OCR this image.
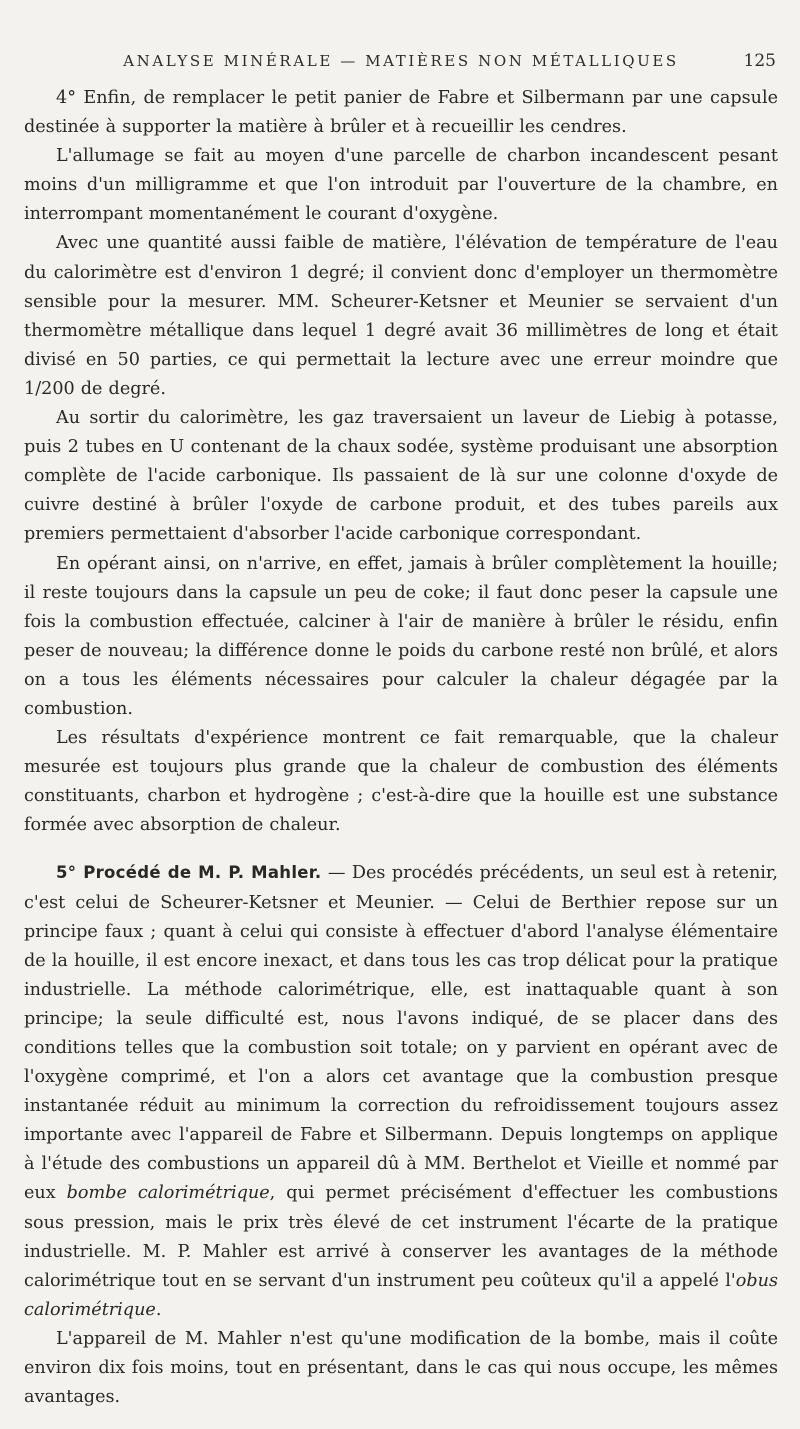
ANALYSE MINÉRALE — MATIÈRES NON MÉTALLIQUES	125

4° Enfin, de remplacer le petit panier de Fabre et Silbermann par une capsule destinée à supporter la matière à brûler et à recueillir les cendres.

L'allumage se fait au moyen d'une parcelle de charbon incandescent pesant moins d'un milligramme et que l'on introduit par l'ouverture de la chambre, en interrompant momentanément le courant d'oxygène.

Avec une quantité aussi faible de matière, l'élévation de température de l'eau du calorimètre est d'environ 1 degré; il convient donc d'employer un thermomètre sensible pour la mesurer. MM. Scheurer-Ketsner et Meunier se servaient d'un thermomètre métallique dans lequel 1 degré avait 36 millimètres de long et était divisé en 50 parties, ce qui permettait la lecture avec une erreur moindre que 1/200 de degré.

Au sortir du calorimètre, les gaz traversaient un laveur de Liebig à potasse, puis 2 tubes en U contenant de la chaux sodée, système produisant une absorption complète de l'acide carbonique. Ils passaient de là sur une colonne d'oxyde de cuivre destiné à brûler l'oxyde de carbone produit, et des tubes pareils aux premiers permettaient d'absorber l'acide carbonique correspondant.

En opérant ainsi, on n'arrive, en effet, jamais à brûler complètement la houille; il reste toujours dans la capsule un peu de coke; il faut donc peser la capsule une fois la combustion effectuée, calciner à l'air de manière à brûler le résidu, enfin peser de nouveau; la différence donne le poids du carbone resté non brûlé, et alors on a tous les éléments nécessaires pour calculer la chaleur dégagée par la combustion.

Les résultats d'expérience montrent ce fait remarquable, que la chaleur mesurée est toujours plus grande que la chaleur de combustion des éléments constituants, charbon et hydrogène ; c'est-à-dire que la houille est une substance formée avec absorption de chaleur.

5° Procédé de M. P. Mahler. — Des procédés précédents, un seul est à retenir, c'est celui de Scheurer-Ketsner et Meunier. — Celui de Berthier repose sur un principe faux ; quant à celui qui consiste à effectuer d'abord l'analyse élémentaire de la houille, il est encore inexact, et dans tous les cas trop délicat pour la pratique industrielle. La méthode calorimétrique, elle, est inattaquable quant à son principe; la seule difficulté est, nous l'avons indiqué, de se placer dans des conditions telles que la combustion soit totale; on y parvient en opérant avec de l'oxygène comprimé, et l'on a alors cet avantage que la combustion presque instantanée réduit au minimum la correction du refroidissement toujours assez importante avec l'appareil de Fabre et Silbermann. Depuis longtemps on applique à l'étude des combustions un appareil dû à MM. Berthelot et Vieille et nommé par eux bombe calorimétrique, qui permet précisément d'effectuer les combustions sous pression, mais le prix très élevé de cet instrument l'écarte de la pratique industrielle. M. P. Mahler est arrivé à conserver les avantages de la méthode calorimétrique tout en se servant d'un instrument peu coûteux qu'il a appelé l'obus calorimétrique.

L'appareil de M. Mahler n'est qu'une modification de la bombe, mais il coûte environ dix fois moins, tout en présentant, dans le cas qui nous occupe, les mêmes avantages.
